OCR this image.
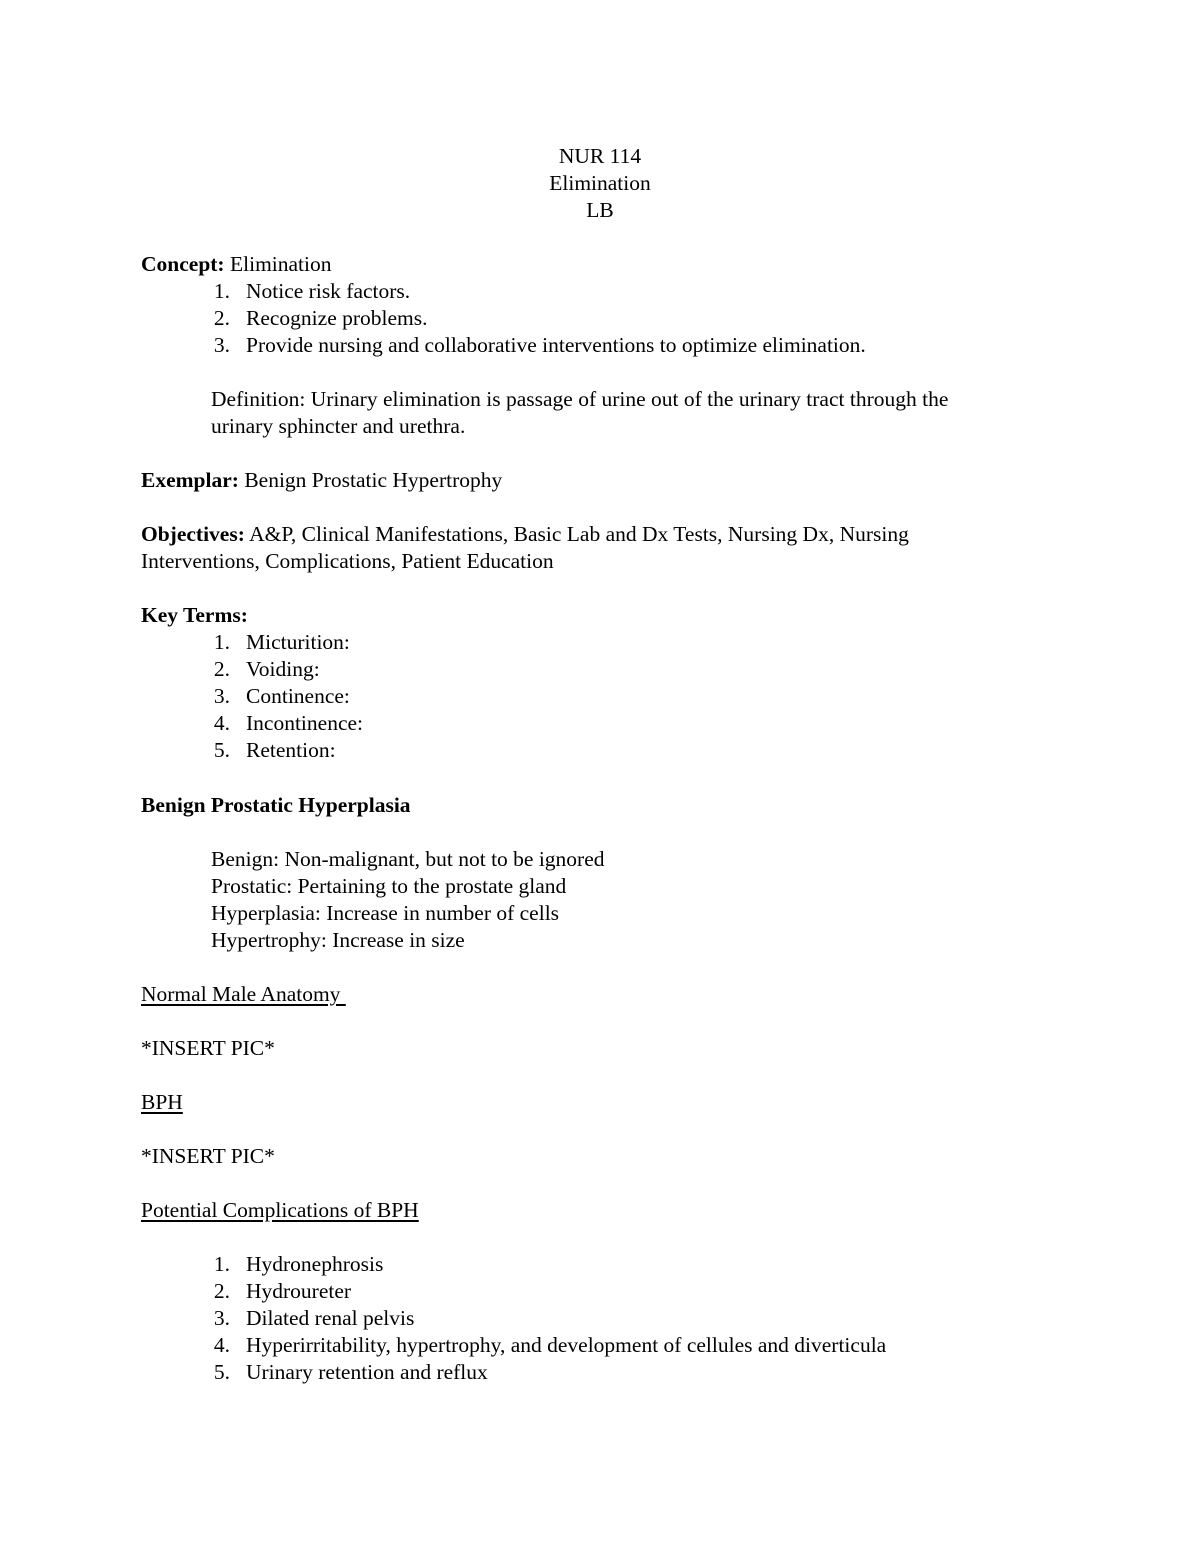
NUR 114
Elimination
LB
Concept: Elimination
1. Notice risk factors.
2. Recognize problems.
3. Provide nursing and collaborative interventions to optimize elimination.
Definition: Urinary elimination is passage of urine out of the urinary tract through the
urinary sphincter and urethra.
Exemplar: Benign Prostatic Hypertrophy
Objectives: A&P, Clinical Manifestations, Basic Lab and Dx Tests, Nursing Dx, Nursing
Interventions, Complications, Patient Education
Key Terms:
1. Micturition:
2. Voiding:
3. Continence:
4. Incontinence:
5. Retention:
Benign Prostatic Hyperplasia
Benign: Non-malignant, but not to be ignored
Prostatic: Pertaining to the prostate gland
Hyperplasia: Increase in number of cells
Hypertrophy: Increase in size
Normal Male Anatomy
*INSERT PIC*
BPH
*INSERT PIC*
Potential Complications of BPH
1. Hydronephrosis
2. Hydroureter
3. Dilated renal pelvis
4. Hyperirritability, hypertrophy, and development of cellules and diverticula
5. Urinary retention and reflux
